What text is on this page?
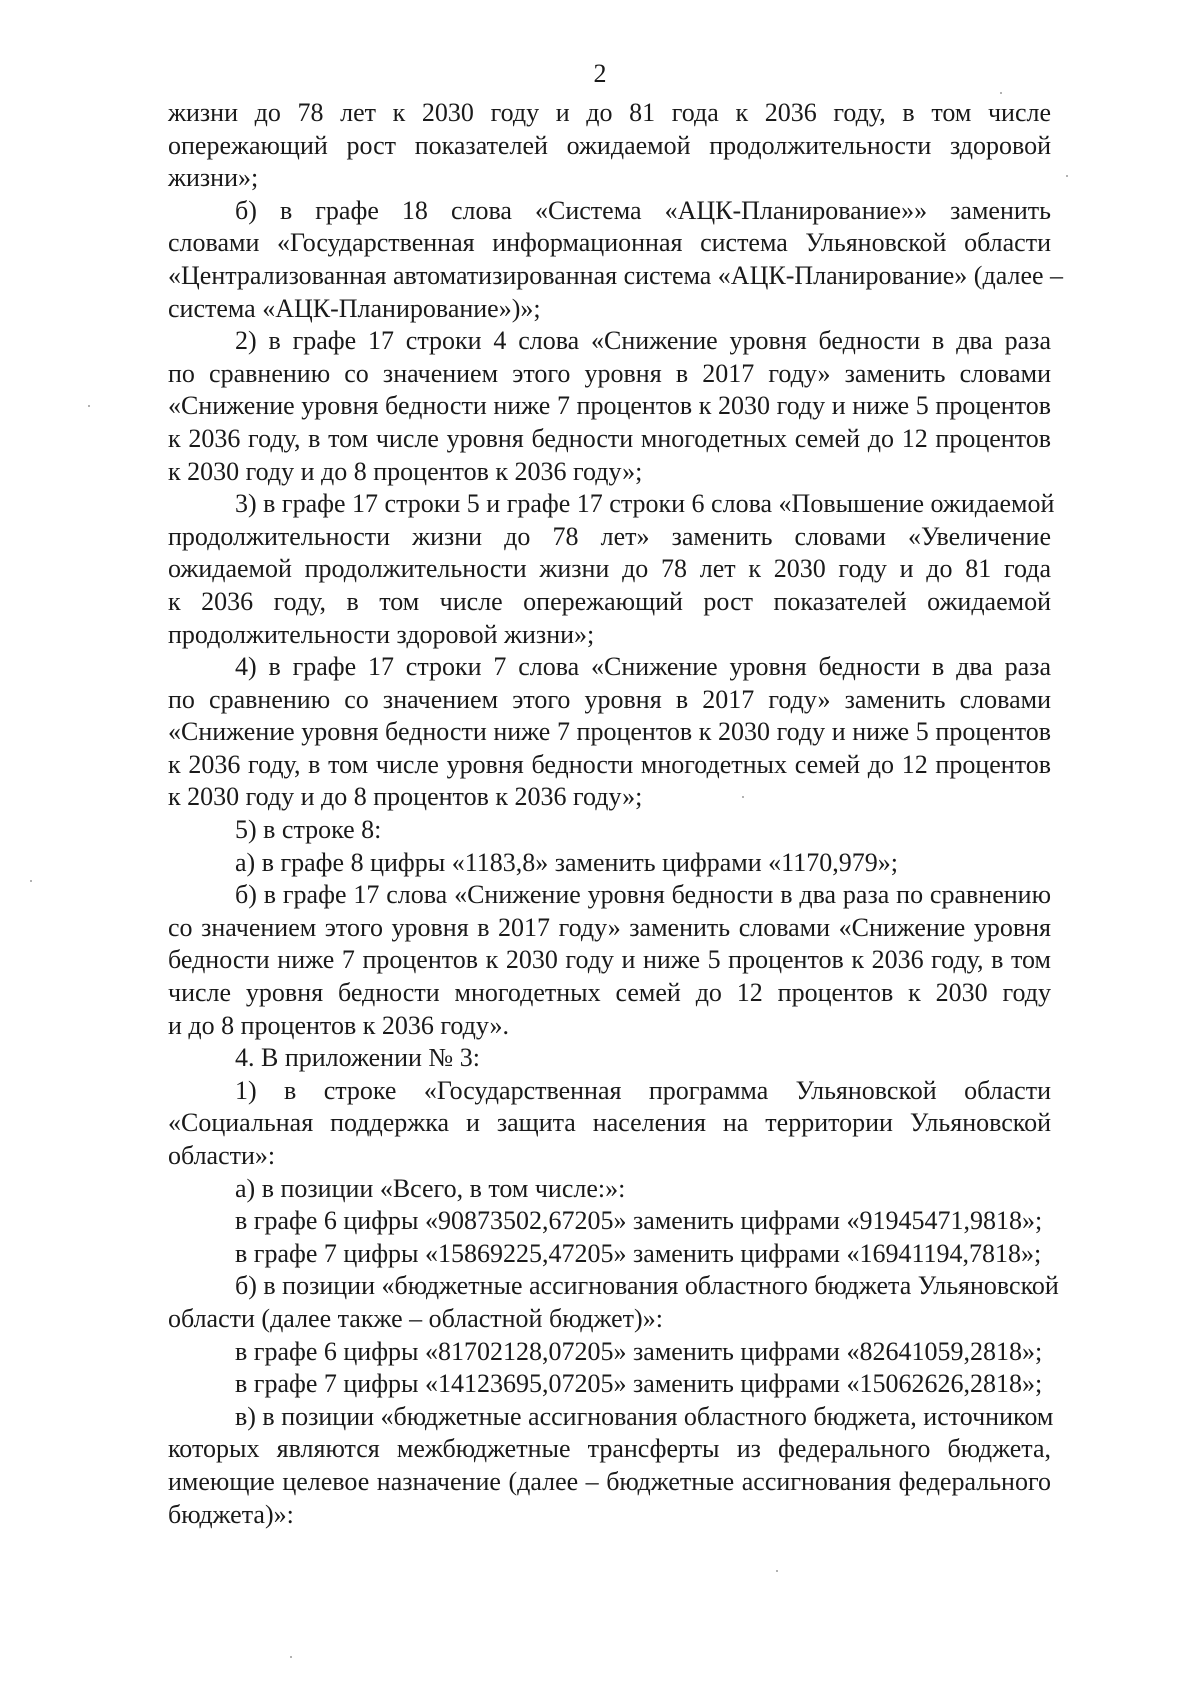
2
жизни до 78 лет к 2030 году и до 81 года к 2036 году, в том числе
опережающий рост показателей ожидаемой продолжительности здоровой
жизни»;
б) в графе 18 слова «Система «АЦК-Планирование»» заменить
словами «Государственная информационная система Ульяновской области
«Централизованная автоматизированная система «АЦК-Планирование» (далее –
система «АЦК-Планирование»)»;
2) в графе 17 строки 4 слова «Снижение уровня бедности в два раза
по сравнению со значением этого уровня в 2017 году» заменить словами
«Снижение уровня бедности ниже 7 процентов к 2030 году и ниже 5 процентов
к 2036 году, в том числе уровня бедности многодетных семей до 12 процентов
к 2030 году и до 8 процентов к 2036 году»;
3) в графе 17 строки 5 и графе 17 строки 6 слова «Повышение ожидаемой
продолжительности жизни до 78 лет» заменить словами «Увеличение
ожидаемой продолжительности жизни до 78 лет к 2030 году и до 81 года
к 2036 году, в том числе опережающий рост показателей ожидаемой
продолжительности здоровой жизни»;
4) в графе 17 строки 7 слова «Снижение уровня бедности в два раза
по сравнению со значением этого уровня в 2017 году» заменить словами
«Снижение уровня бедности ниже 7 процентов к 2030 году и ниже 5 процентов
к 2036 году, в том числе уровня бедности многодетных семей до 12 процентов
к 2030 году и до 8 процентов к 2036 году»;
5) в строке 8:
а) в графе 8 цифры «1183,8» заменить цифрами «1170,979»;
б) в графе 17 слова «Снижение уровня бедности в два раза по сравнению
со значением этого уровня в 2017 году» заменить словами «Снижение уровня
бедности ниже 7 процентов к 2030 году и ниже 5 процентов к 2036 году, в том
числе уровня бедности многодетных семей до 12 процентов к 2030 году
и до 8 процентов к 2036 году».
4. В приложении № 3:
1) в строке «Государственная программа Ульяновской области
«Социальная поддержка и защита населения на территории Ульяновской
области»:
а) в позиции «Всего, в том числе:»:
в графе 6 цифры «90873502,67205» заменить цифрами «91945471,9818»;
в графе 7 цифры «15869225,47205» заменить цифрами «16941194,7818»;
б) в позиции «бюджетные ассигнования областного бюджета Ульяновской
области (далее также – областной бюджет)»:
в графе 6 цифры «81702128,07205» заменить цифрами «82641059,2818»;
в графе 7 цифры «14123695,07205» заменить цифрами «15062626,2818»;
в) в позиции «бюджетные ассигнования областного бюджета, источником
которых являются межбюджетные трансферты из федерального бюджета,
имеющие целевое назначение (далее – бюджетные ассигнования федерального
бюджета)»:
